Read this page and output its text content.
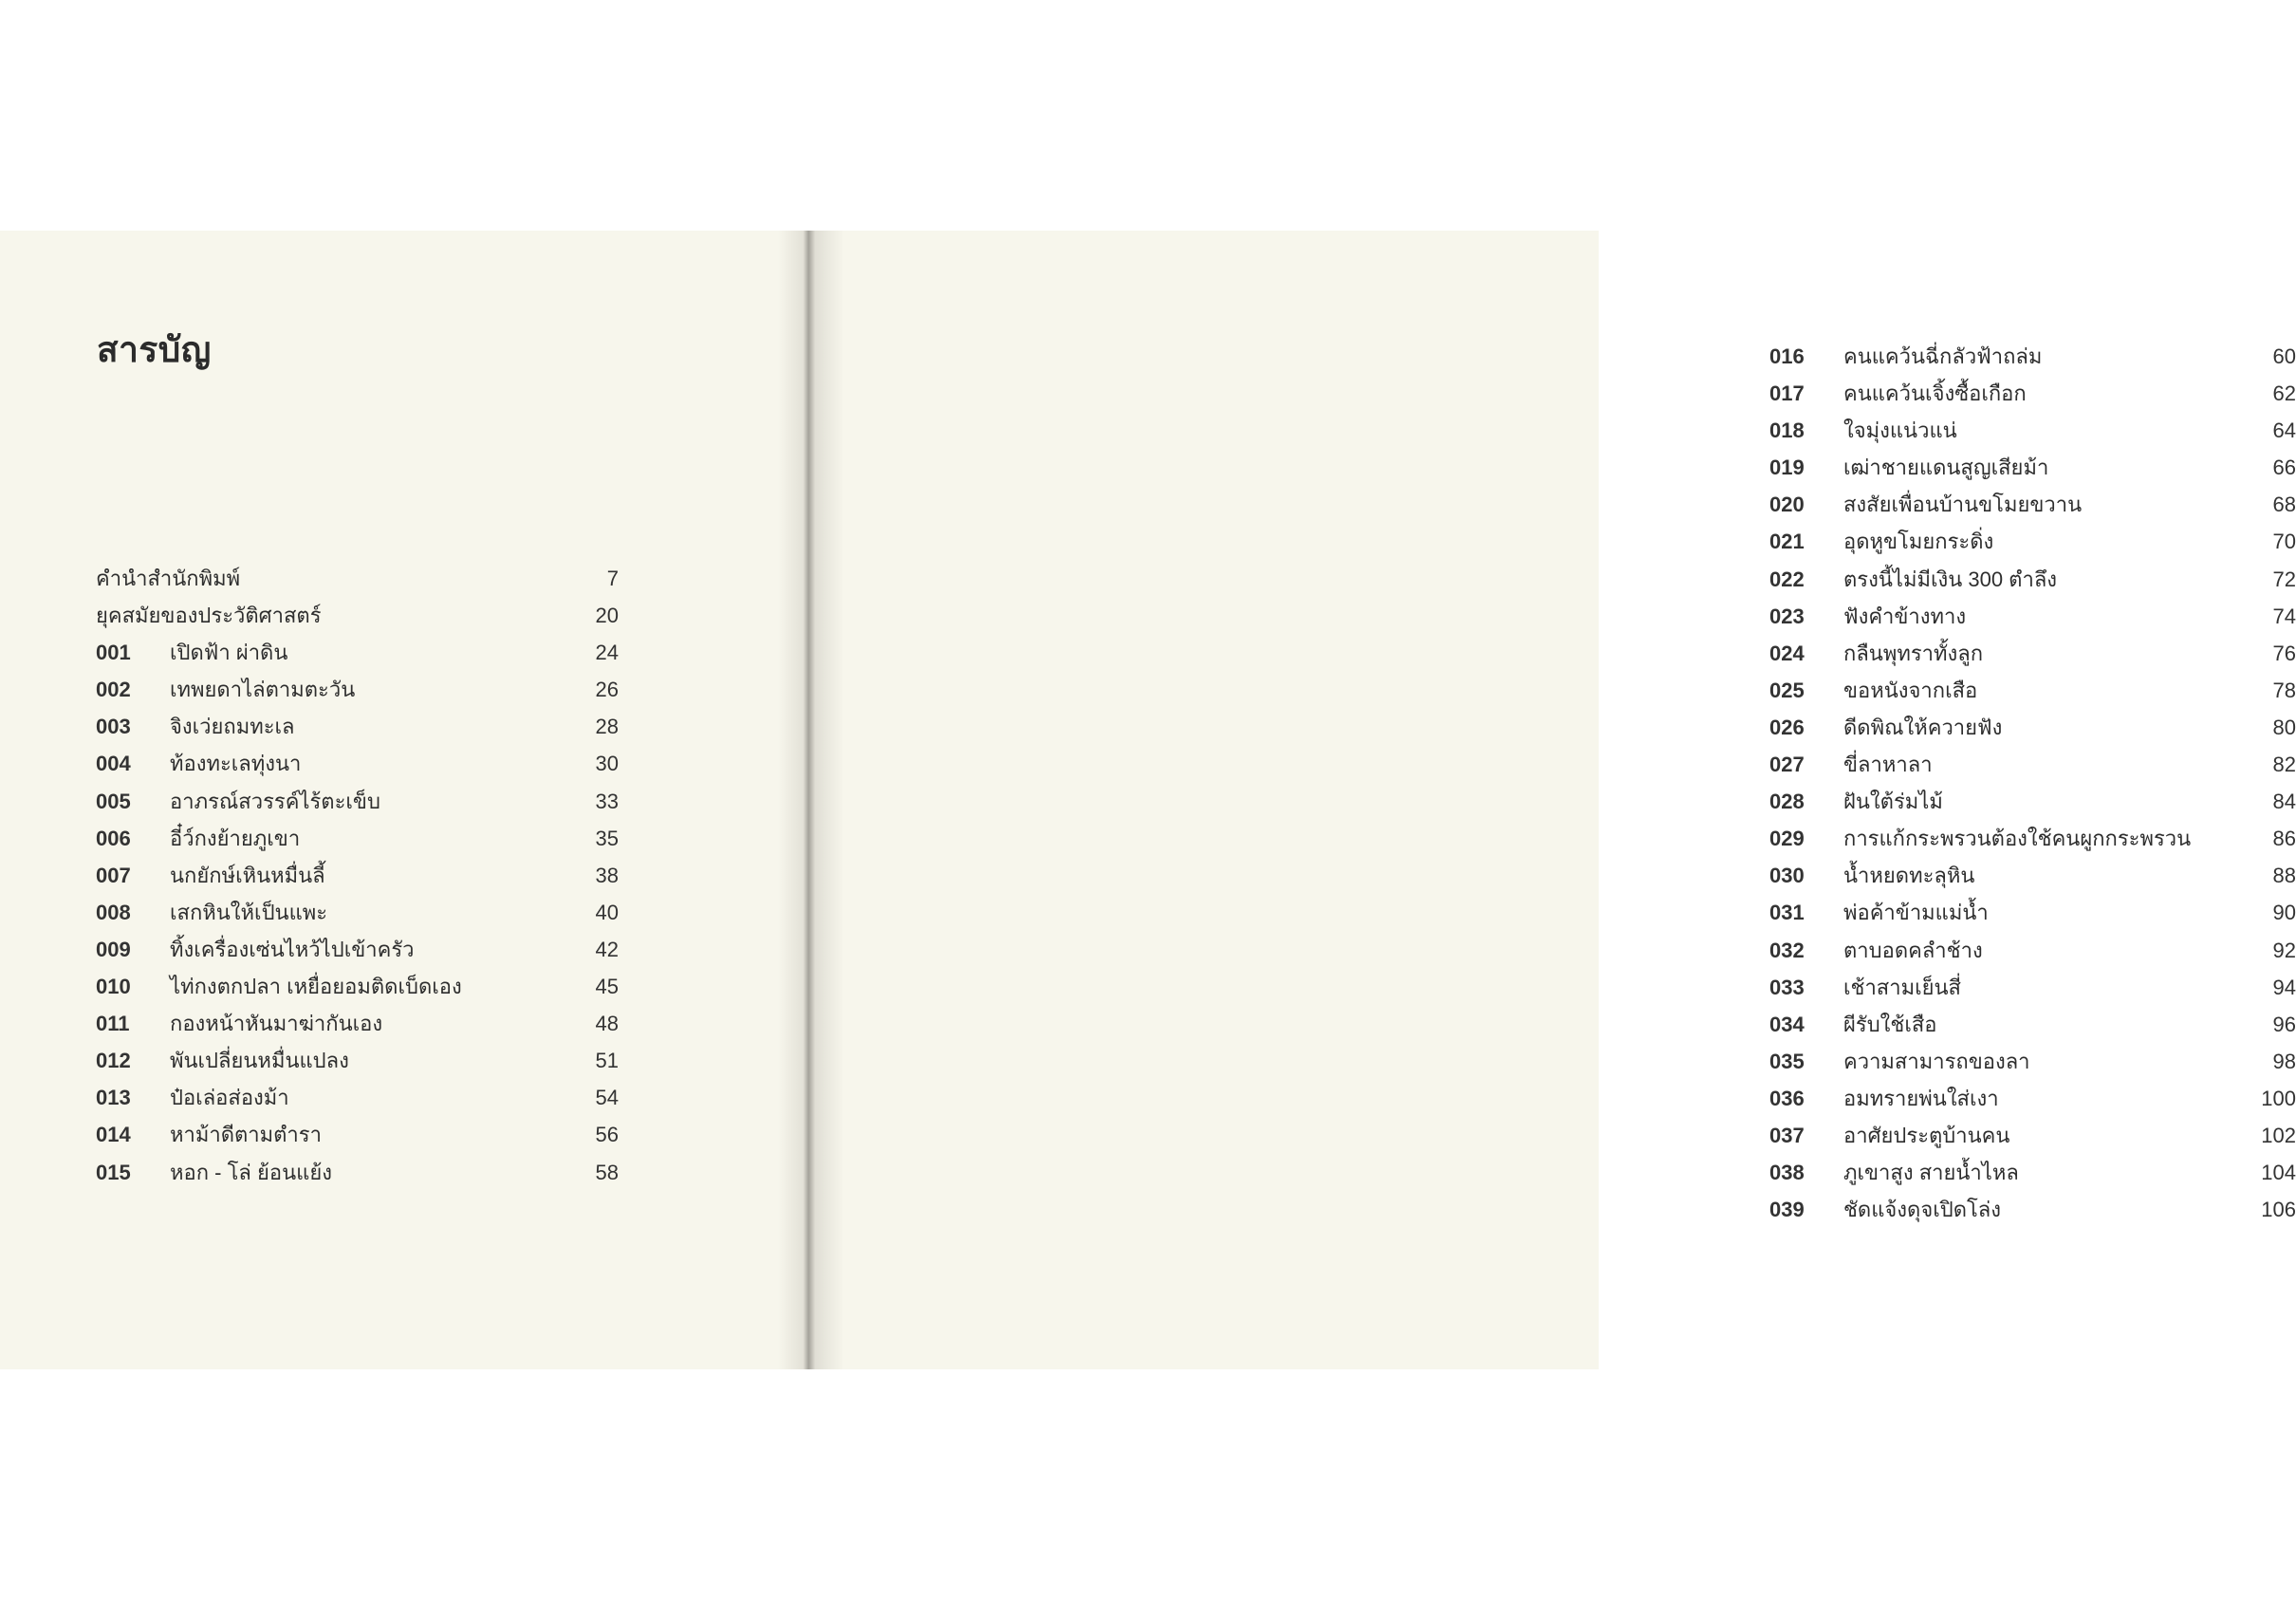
สารบัญ
คำนำสำนักพิมพ์	7
ยุคสมัยของประวัติศาสตร์	20
001 เปิดฟ้า ผ่าดิน	24
002 เทพยดาไล่ตามตะวัน	26
003 จิงเว่ยถมทะเล	28
004 ท้องทะเลทุ่งนา	30
005 อาภรณ์สวรรค์ไร้ตะเข็บ	33
006 อี๋ว์กงย้ายภูเขา	35
007 นกยักษ์เหินหมื่นลี้	38
008 เสกหินให้เป็นแพะ	40
009 ทิ้งเครื่องเซ่นไหว้ไปเข้าครัว	42
010 ไท่กงตกปลา เหยื่อยอมติดเบ็ดเอง	45
011 กองหน้าหันมาฆ่ากันเอง	48
012 พันเปลี่ยนหมื่นแปลง	51
013 ป๋อเล่อส่องม้า	54
014 หาม้าดีตามตำรา	56
015 หอก - โล่ ย้อนแย้ง	58
016 คนแคว้นฉี่กลัวฟ้าถล่ม	60
017 คนแคว้นเจิ้งซื้อเกือก	62
018 ใจมุ่งแน่วแน่	64
019 เฒ่าชายแดนสูญเสียม้า	66
020 สงสัยเพื่อนบ้านขโมยขวาน	68
021 อุดหูขโมยกระดิ่ง	70
022 ตรงนี้ไม่มีเงิน 300 ตำลึง	72
023 ฟังคำข้างทาง	74
024 กลืนพุทราทั้งลูก	76
025 ขอหนังจากเสือ	78
026 ดีดพิณให้ควายฟัง	80
027 ขี่ลาหาลา	82
028 ฝันใต้ร่มไม้	84
029 การแก้กระพรวนต้องใช้คนผูกกระพรวน	86
030 น้ำหยดทะลุหิน	88
031 พ่อค้าข้ามแม่น้ำ	90
032 ตาบอดคลำช้าง	92
033 เช้าสามเย็นสี่	94
034 ผีรับใช้เสือ	96
035 ความสามารถของลา	98
036 อมทรายพ่นใส่เงา	100
037 อาศัยประตูบ้านคน	102
038 ภูเขาสูง สายน้ำไหล	104
039 ชัดแจ้งดุจเปิดโล่ง	106
